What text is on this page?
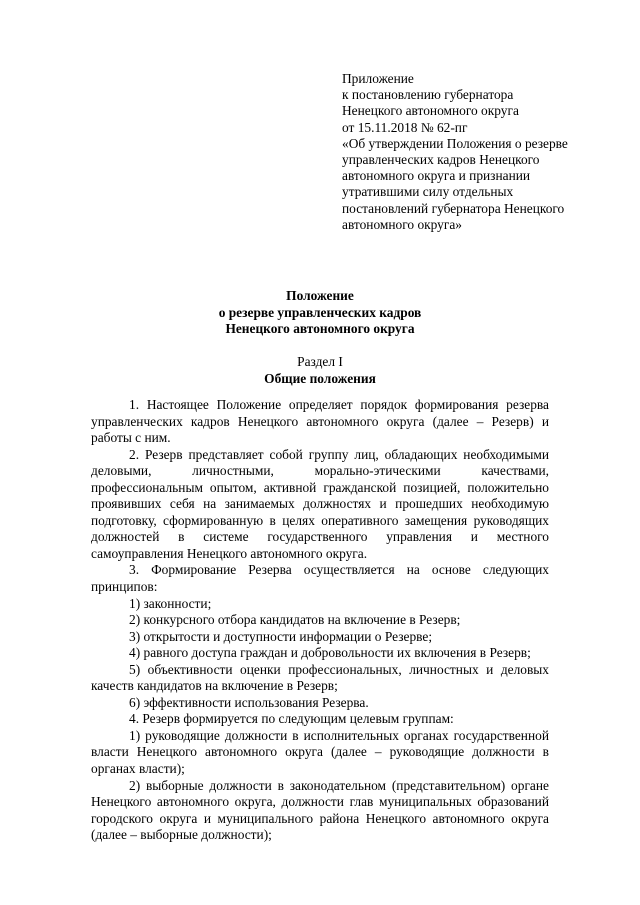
Приложение
к постановлению губернатора
Ненецкого автономного округа
от 15.11.2018 № 62-пг
«Об утверждении Положения о резерве
управленческих кадров Ненецкого
автономного округа и признании
утратившими силу отдельных
постановлений губернатора Ненецкого
автономного округа»
Положение
о резерве управленческих кадров
Ненецкого автономного округа
Раздел I
Общие положения

1. Настоящее Положение определяет порядок формирования резерва управленческих кадров Ненецкого автономного округа (далее – Резерв) и работы с ним.

2. Резерв представляет собой группу лиц, обладающих необходимыми деловыми, личностными, морально-этическими качествами, профессиональным опытом, активной гражданской позицией, положительно проявивших себя на занимаемых должностях и прошедших необходимую подготовку, сформированную в целях оперативного замещения руководящих должностей в системе государственного управления и местного самоуправления Ненецкого автономного округа.

3. Формирование Резерва осуществляется на основе следующих принципов:

1) законности;

2) конкурсного отбора кандидатов на включение в Резерв;

3) открытости и доступности информации о Резерве;

4) равного доступа граждан и добровольности их включения в Резерв;

5) объективности оценки профессиональных, личностных и деловых качеств кандидатов на включение в Резерв;

6) эффективности использования Резерва.

4. Резерв формируется по следующим целевым группам:

1) руководящие должности в исполнительных органах государственной власти Ненецкого автономного округа (далее – руководящие должности в органах власти);

2) выборные должности в законодательном (представительном) органе Ненецкого автономного округа, должности глав муниципальных образований городского округа и муниципального района Ненецкого автономного округа (далее – выборные должности);
